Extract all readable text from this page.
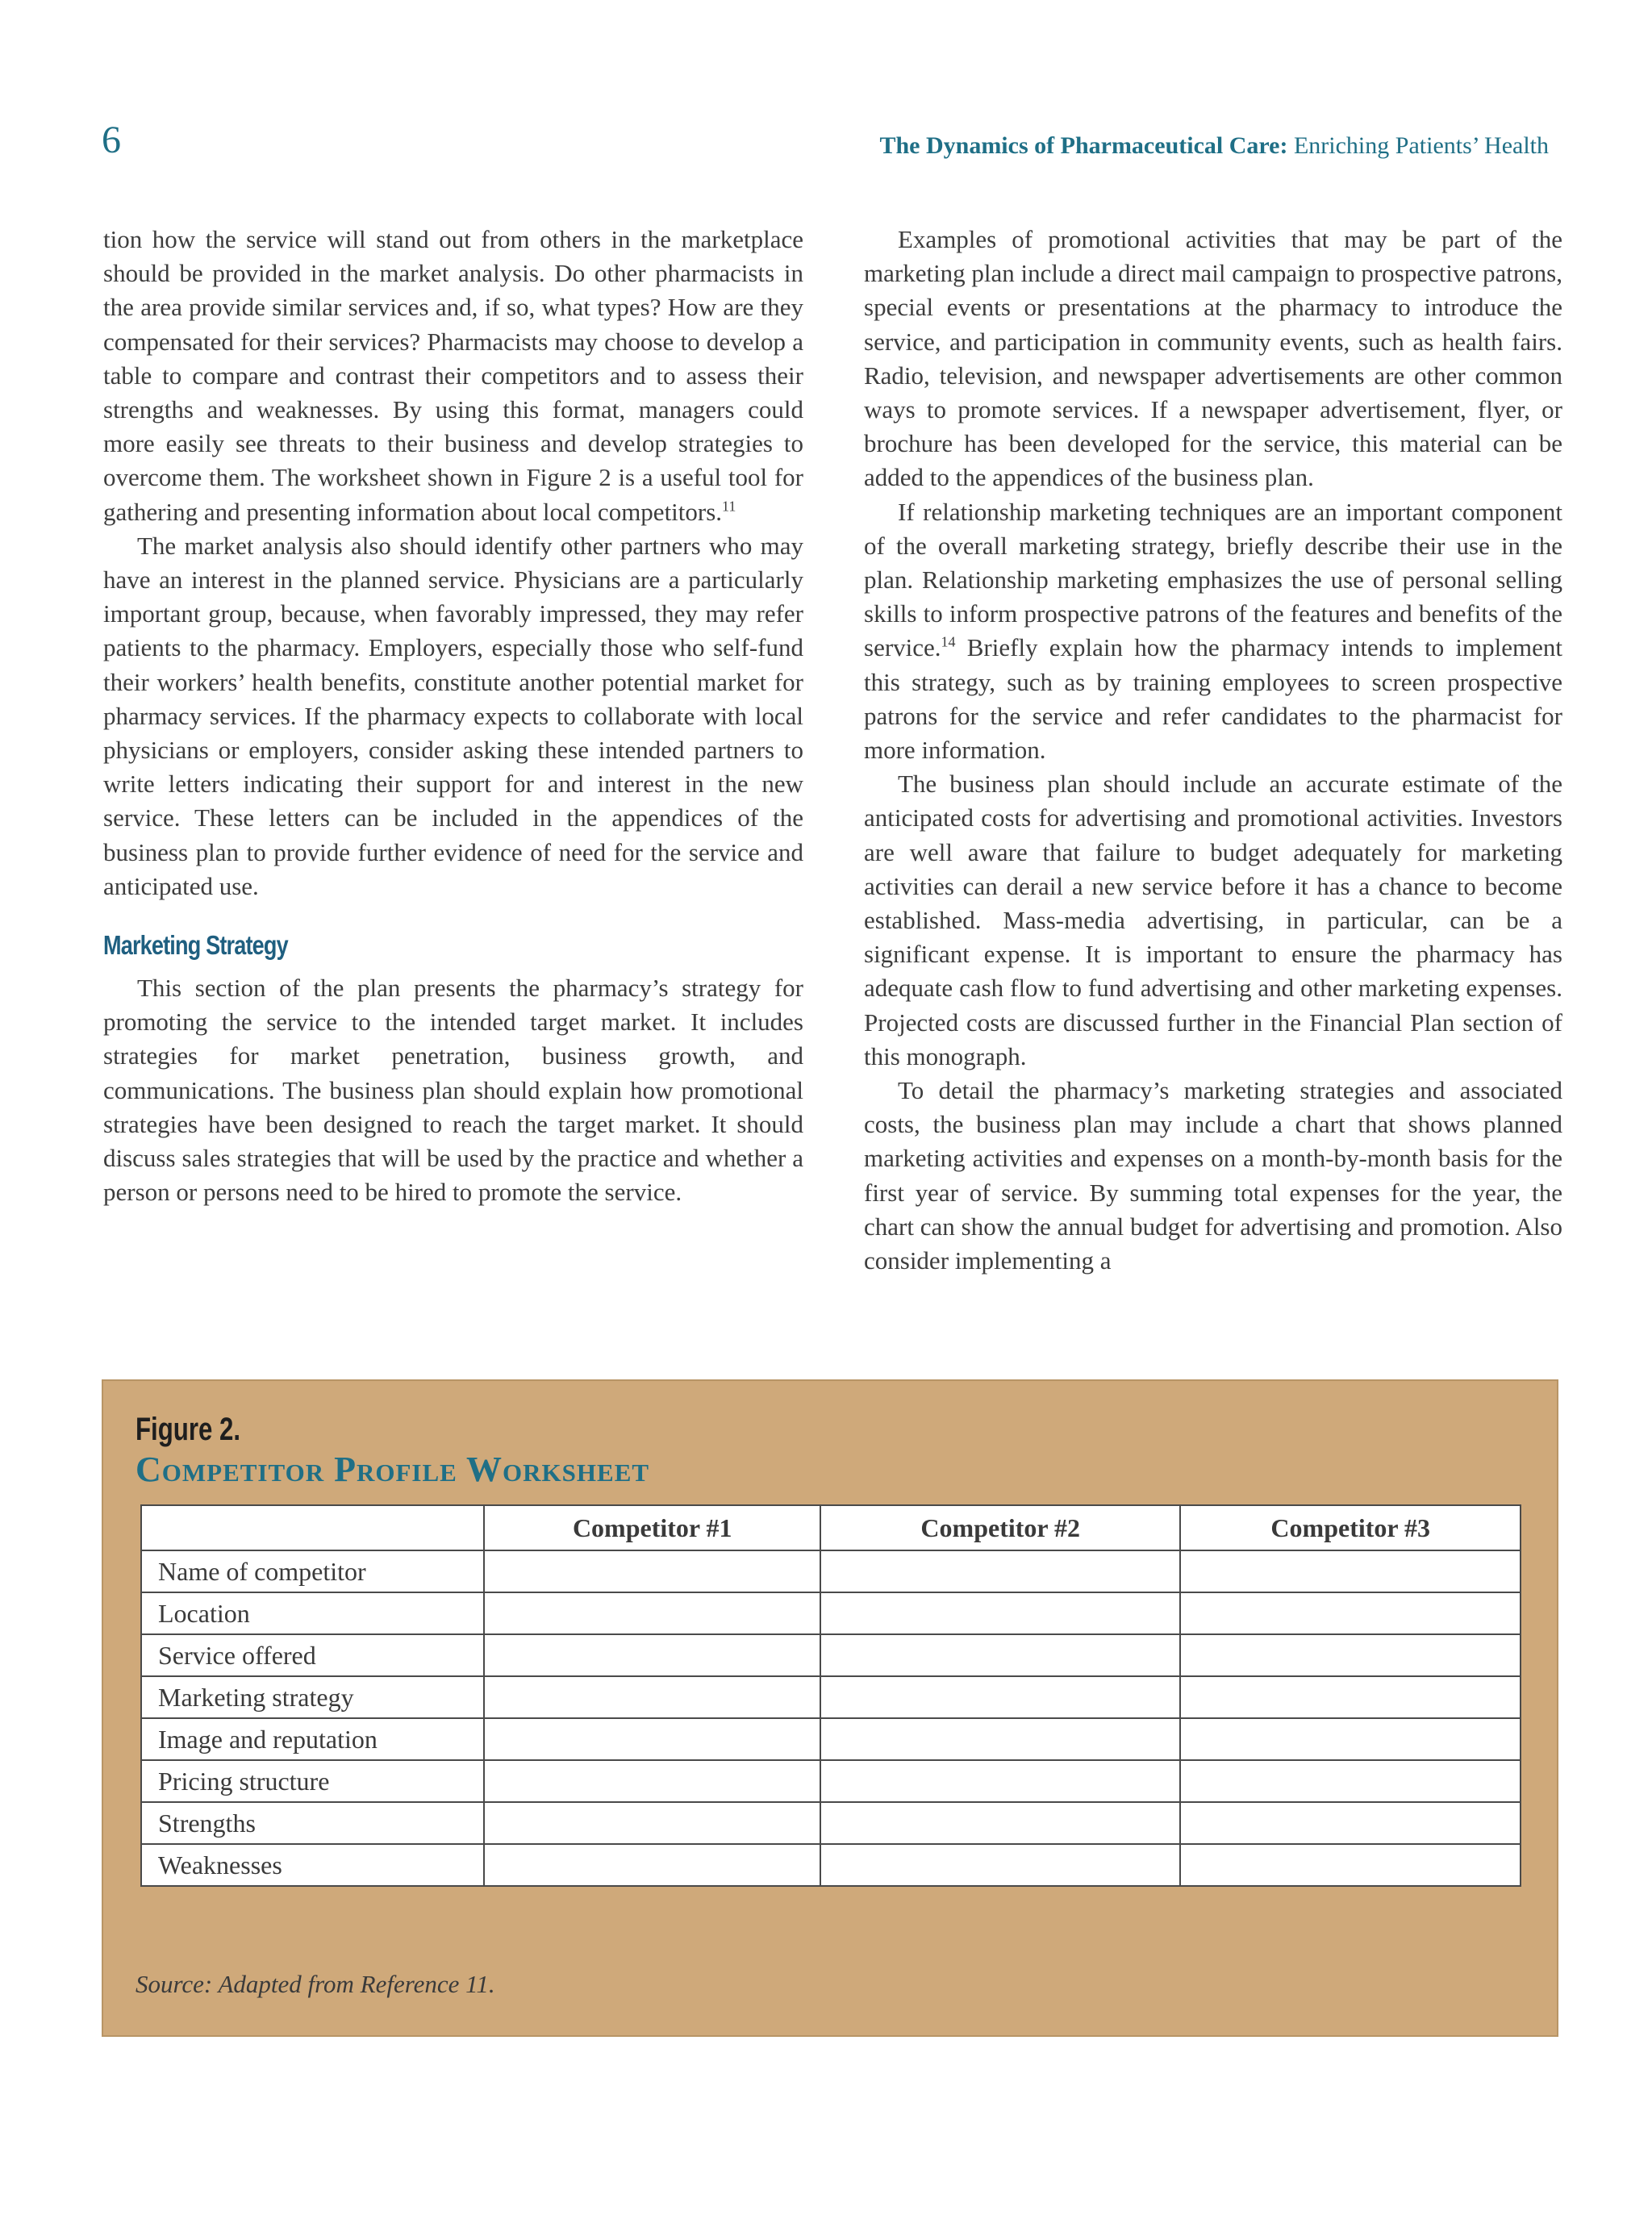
6	The Dynamics of Pharmaceutical Care: Enriching Patients’ Health

tion how the service will stand out from others in the marketplace should be provided in the market analysis. Do other pharmacists in the area provide similar services and, if so, what types? How are they compensated for their services? Pharmacists may choose to develop a table to compare and contrast their competitors and to assess their strengths and weaknesses. By using this format, managers could more easily see threats to their business and develop strategies to overcome them. The worksheet shown in Figure 2 is a useful tool for gathering and presenting information about local competitors.$^{11}$

The market analysis also should identify other partners who may have an interest in the planned service. Physicians are a particularly important group, because, when favorably impressed, they may refer patients to the pharmacy. Employers, especially those who self-fund their workers’ health benefits, constitute another potential market for pharmacy services. If the pharmacy expects to collaborate with local physicians or employers, consider asking these intended partners to write letters indicating their support for and interest in the new service. These letters can be included in the appendices of the business plan to provide further evidence of need for the service and anticipated use.

Marketing Strategy

This section of the plan presents the pharmacy’s strategy for promoting the service to the intended target market. It includes strategies for market penetration, business growth, and communications. The business plan should explain how promotional strategies have been designed to reach the target market. It should discuss sales strategies that will be used by the practice and whether a person or persons need to be hired to promote the service.

Examples of promotional activities that may be part of the marketing plan include a direct mail campaign to prospective patrons, special events or presentations at the pharmacy to introduce the service, and participation in community events, such as health fairs. Radio, television, and newspaper advertisements are other common ways to promote services. If a newspaper advertisement, flyer, or brochure has been developed for the service, this material can be added to the appendices of the business plan.

If relationship marketing techniques are an important component of the overall marketing strategy, briefly describe their use in the plan. Relationship marketing emphasizes the use of personal selling skills to inform prospective patrons of the features and benefits of the service.$^{14}$ Briefly explain how the pharmacy intends to implement this strategy, such as by training employees to screen prospective patrons for the service and refer candidates to the pharmacist for more information.

The business plan should include an accurate estimate of the anticipated costs for advertising and promotional activities. Investors are well aware that failure to budget adequately for marketing activities can derail a new service before it has a chance to become established. Mass-media advertising, in particular, can be a significant expense. It is important to ensure the pharmacy has adequate cash flow to fund advertising and other marketing expenses. Projected costs are discussed further in the Financial Plan section of this monograph.

To detail the pharmacy’s marketing strategies and associated costs, the business plan may include a chart that shows planned marketing activities and expenses on a month-by-month basis for the first year of service. By summing total expenses for the year, the chart can show the annual budget for advertising and promotion. Also consider implementing a

Figure 2.
Competitor Profile Worksheet
	Competitor #1	Competitor #2	Competitor #3
Name of competitor			
Location			
Service offered			
Marketing strategy			
Image and reputation			
Pricing structure			
Strengths			
Weaknesses			
Source: Adapted from Reference 11.
